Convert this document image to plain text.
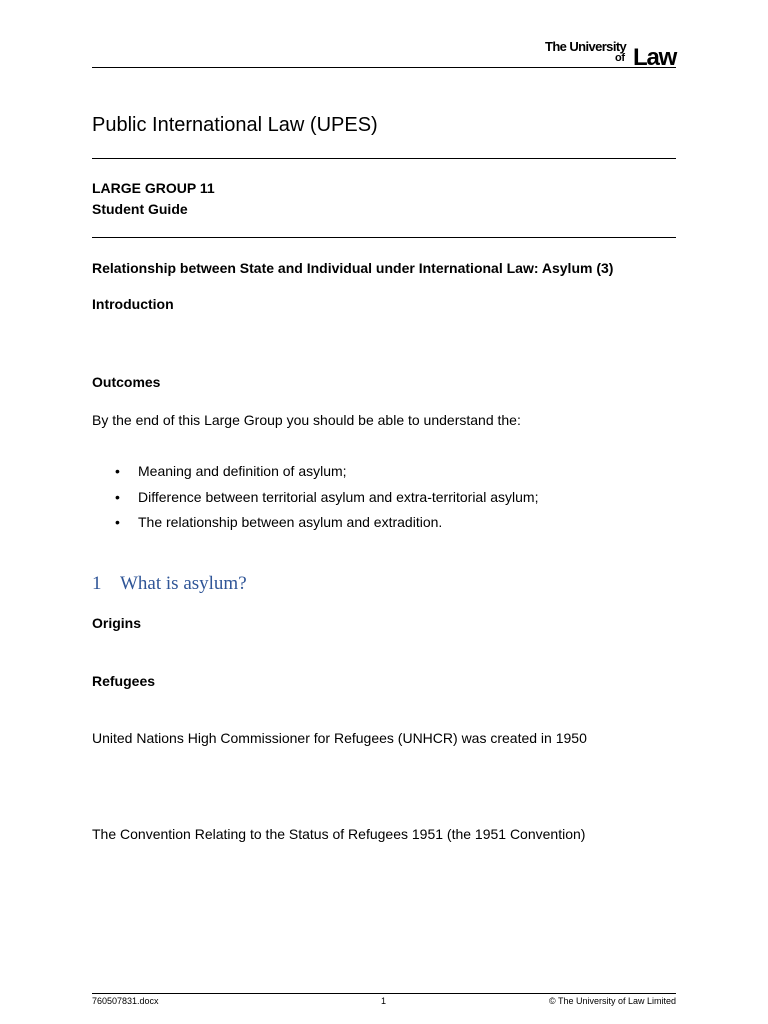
The University
of Law
Public International Law (UPES)
LARGE GROUP 11
Student Guide
Relationship between State and Individual under International Law: Asylum (3)
Introduction
Outcomes
By the end of this Large Group you should be able to understand the:
• Meaning and definition of asylum;
• Difference between territorial asylum and extra-territorial asylum;
• The relationship between asylum and extradition.
1 What is asylum?
Origins
Refugees
United Nations High Commissioner for Refugees (UNHCR) was created in 1950
The Convention Relating to the Status of Refugees 1951 (the 1951 Convention)
760507831.docx	1	© The University of Law Limited
